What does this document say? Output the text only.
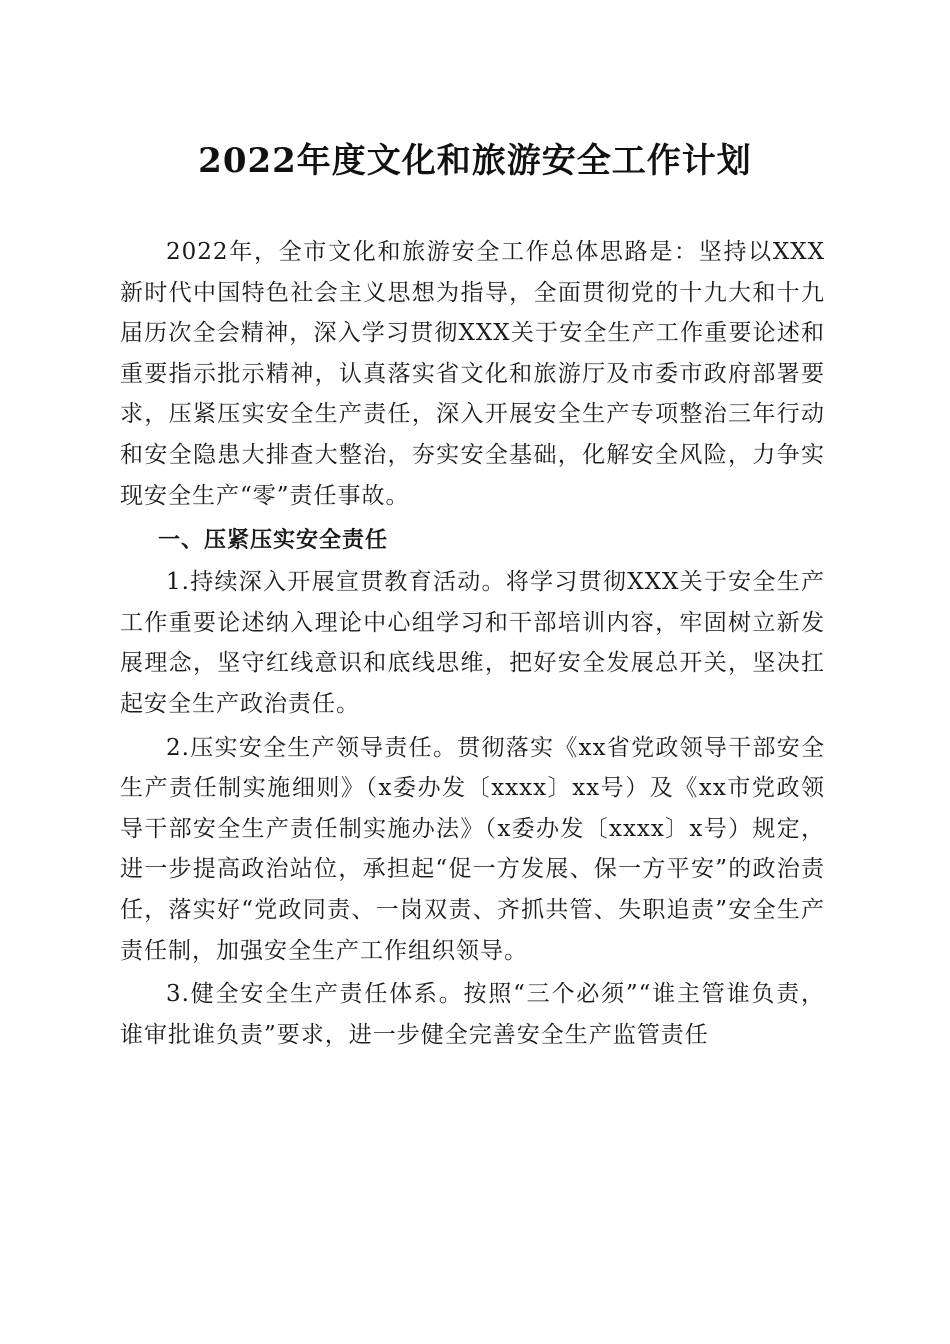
2022年度文化和旅游安全工作计划

2022年，全市文化和旅游安全工作总体思路是：坚持以XXX新时代中国特色社会主义思想为指导，全面贯彻党的十九大和十九届历次全会精神，深入学习贯彻XXX关于安全生产工作重要论述和重要指示批示精神，认真落实省文化和旅游厅及市委市政府部署要求，压紧压实安全生产责任，深入开展安全生产专项整治三年行动和安全隐患大排查大整治，夯实安全基础，化解安全风险，力争实现安全生产“零”责任事故。

一、压紧压实安全责任

1.持续深入开展宣贯教育活动。将学习贯彻XXX关于安全生产工作重要论述纳入理论中心组学习和干部培训内容，牢固树立新发展理念，坚守红线意识和底线思维，把好安全发展总开关，坚决扛起安全生产政治责任。

2.压实安全生产领导责任。贯彻落实《xx省党政领导干部安全生产责任制实施细则》（x委办发〔xxxx〕xx号）及《xx市党政领导干部安全生产责任制实施办法》（x委办发〔xxxx〕x号）规定，进一步提高政治站位，承担起“促一方发展、保一方平安”的政治责任，落实好“党政同责、一岗双责、齐抓共管、失职追责”安全生产责任制，加强安全生产工作组织领导。

3.健全安全生产责任体系。按照“三个必须”“谁主管谁负责，谁审批谁负责”要求，进一步健全完善安全生产监管责任
